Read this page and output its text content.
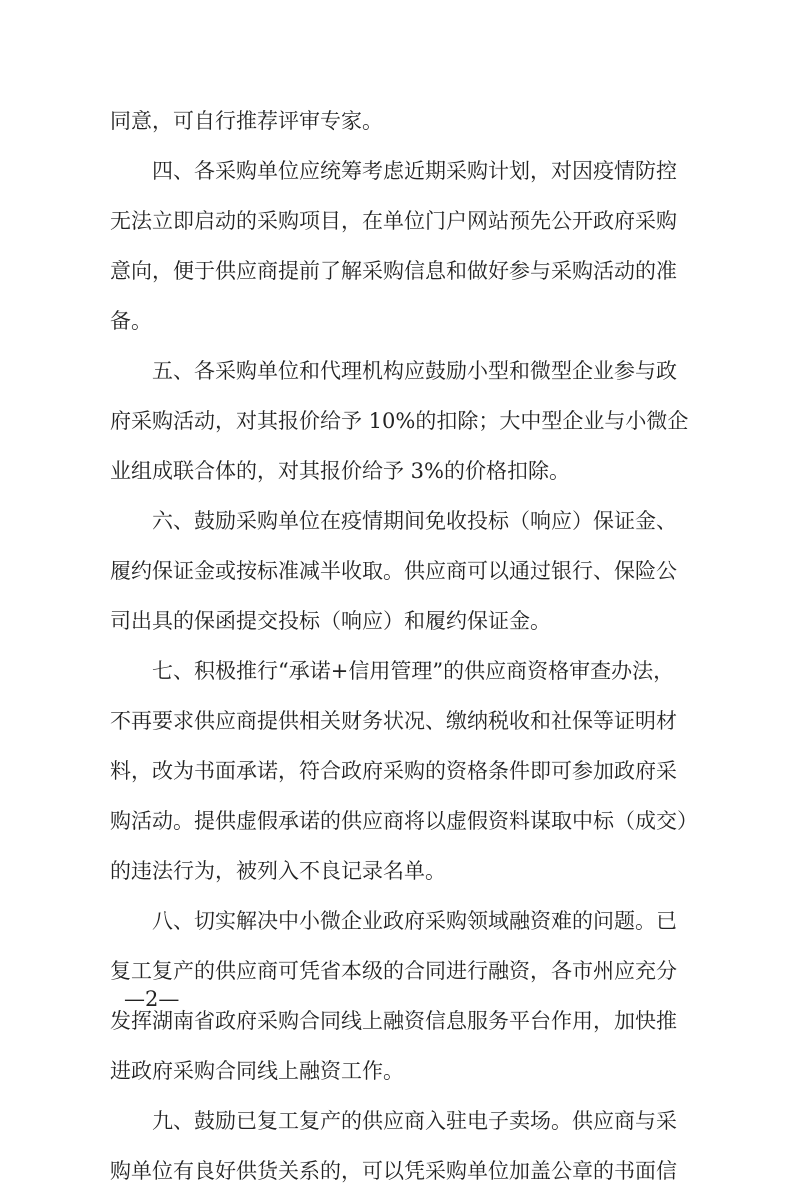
同意，可自行推荐评审专家。
四、各采购单位应统筹考虑近期采购计划，对因疫情防控
无法立即启动的采购项目，在单位门户网站预先公开政府采购
意向，便于供应商提前了解采购信息和做好参与采购活动的准
备。
五、各采购单位和代理机构应鼓励小型和微型企业参与政
府采购活动，对其报价给予 10%的扣除；大中型企业与小微企
业组成联合体的，对其报价给予 3%的价格扣除。
六、鼓励采购单位在疫情期间免收投标（响应）保证金、
履约保证金或按标准减半收取。供应商可以通过银行、保险公
司出具的保函提交投标（响应）和履约保证金。
七、积极推行“承诺+信用管理”的供应商资格审查办法，
不再要求供应商提供相关财务状况、缴纳税收和社保等证明材
料，改为书面承诺，符合政府采购的资格条件即可参加政府采
购活动。提供虚假承诺的供应商将以虚假资料谋取中标（成交）
的违法行为，被列入不良记录名单。
八、切实解决中小微企业政府采购领域融资难的问题。已
复工复产的供应商可凭省本级的合同进行融资，各市州应充分
发挥湖南省政府采购合同线上融资信息服务平台作用，加快推
进政府采购合同线上融资工作。
九、鼓励已复工复产的供应商入驻电子卖场。供应商与采
购单位有良好供货关系的，可以凭采购单位加盖公章的书面信
—2—
